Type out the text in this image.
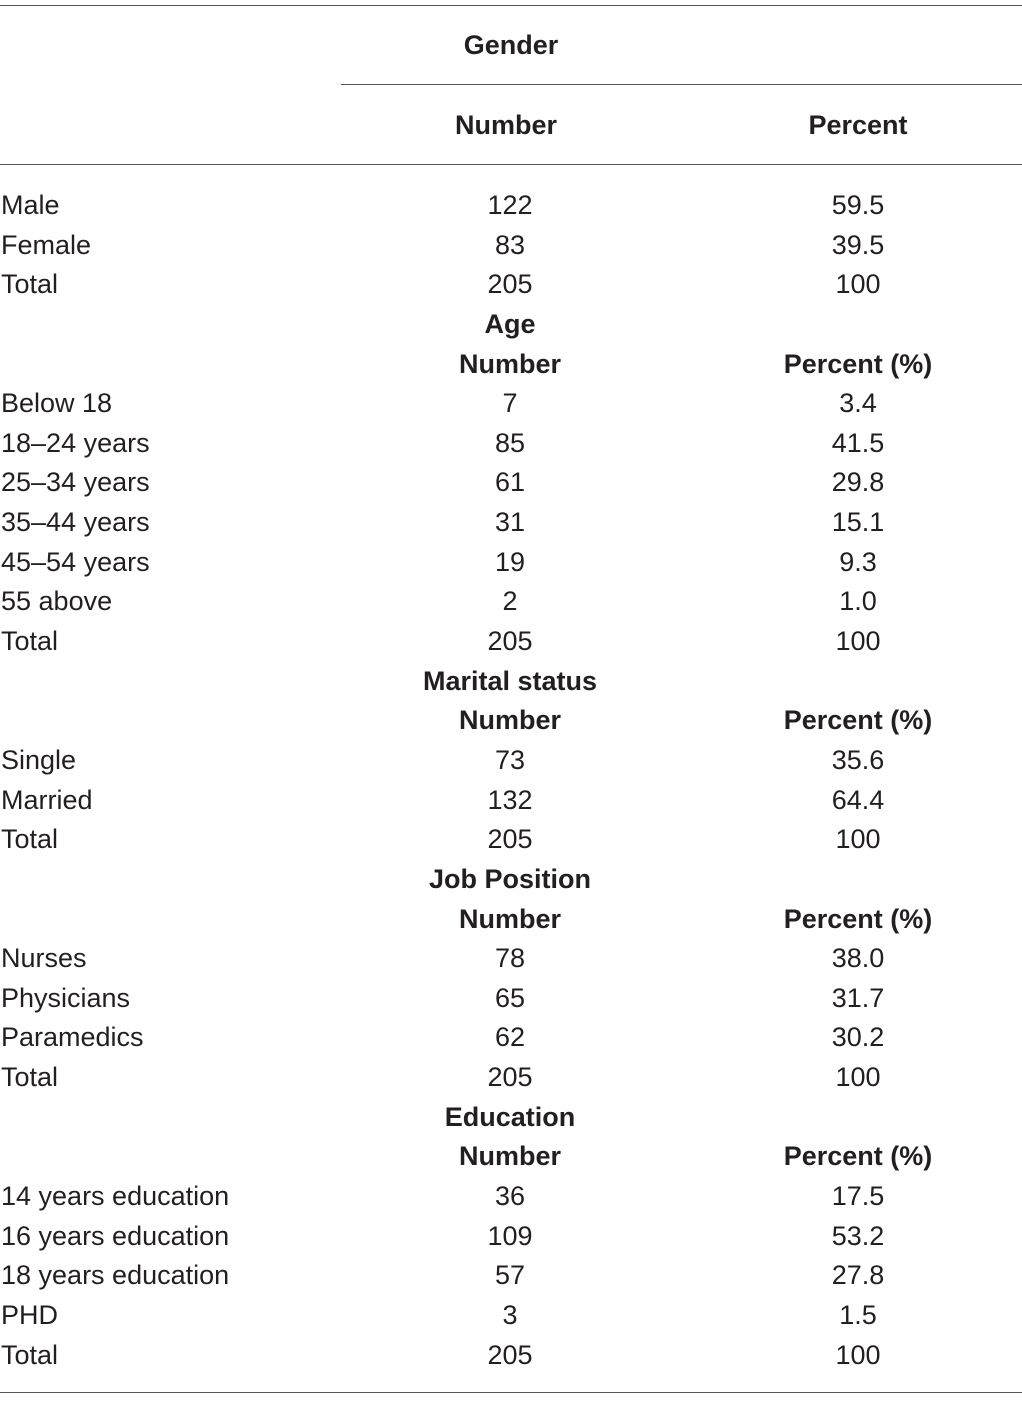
Gender
Number	Percent
Male	122	59.5
Female	83	39.5
Total	205	100
Age
Number	Percent (%)
Below 18	7	3.4
18–24 years	85	41.5
25–34 years	61	29.8
35–44 years	31	15.1
45–54 years	19	9.3
55 above	2	1.0
Total	205	100
Marital status
Number	Percent (%)
Single	73	35.6
Married	132	64.4
Total	205	100
Job Position
Number	Percent (%)
Nurses	78	38.0
Physicians	65	31.7
Paramedics	62	30.2
Total	205	100
Education
Number	Percent (%)
14 years education	36	17.5
16 years education	109	53.2
18 years education	57	27.8
PHD	3	1.5
Total	205	100
